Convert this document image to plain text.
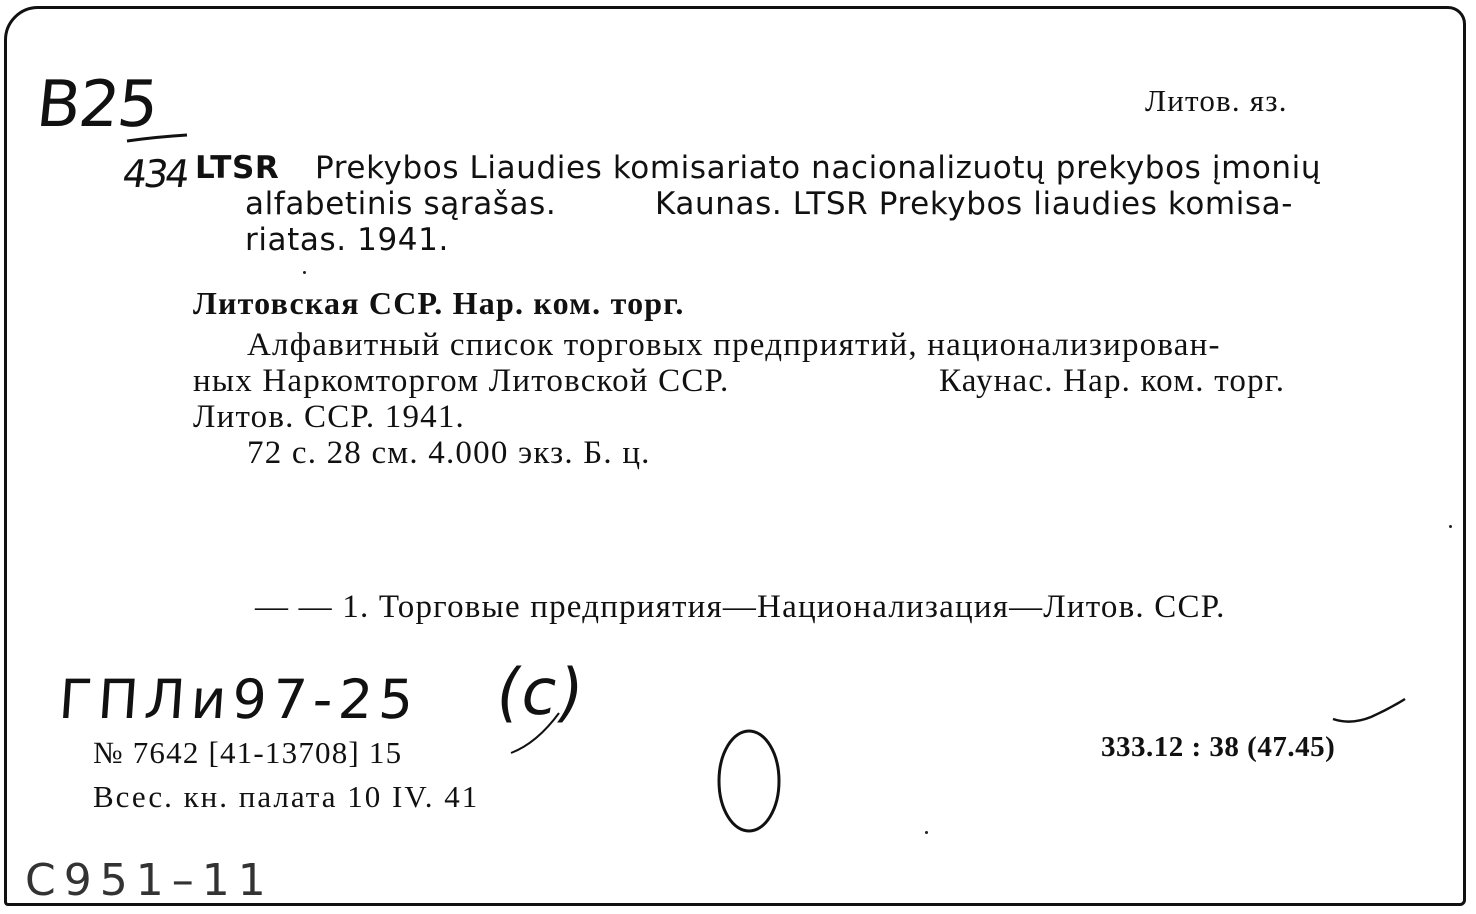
B25
434
Литов. яз.
LTSR Prekybos Liaudies komisariato nacionalizuotų prekybos įmonių
alfabetinis sąrašas.	Kaunas. LTSR Prekybos liaudies komisa-
riatas. 1941.
Литовская ССР. Нар. ком. торг.
Алфавитный список торговых предприятий, национализирован-
ных Наркомторгом Литовской ССР.	Каунас. Нар. ком. торг.
Литов. ССР. 1941.
72 с. 28 см. 4.000 экз. Б. ц.
— — 1. Торговые предприятия—Национализация—Литов. ССР.
ГПЛи97-25 (с)
№ 7642 [41-13708] 15
Всес. кн. палата 10 IV. 41
333.12 : 38 (47.45)
С951–11
